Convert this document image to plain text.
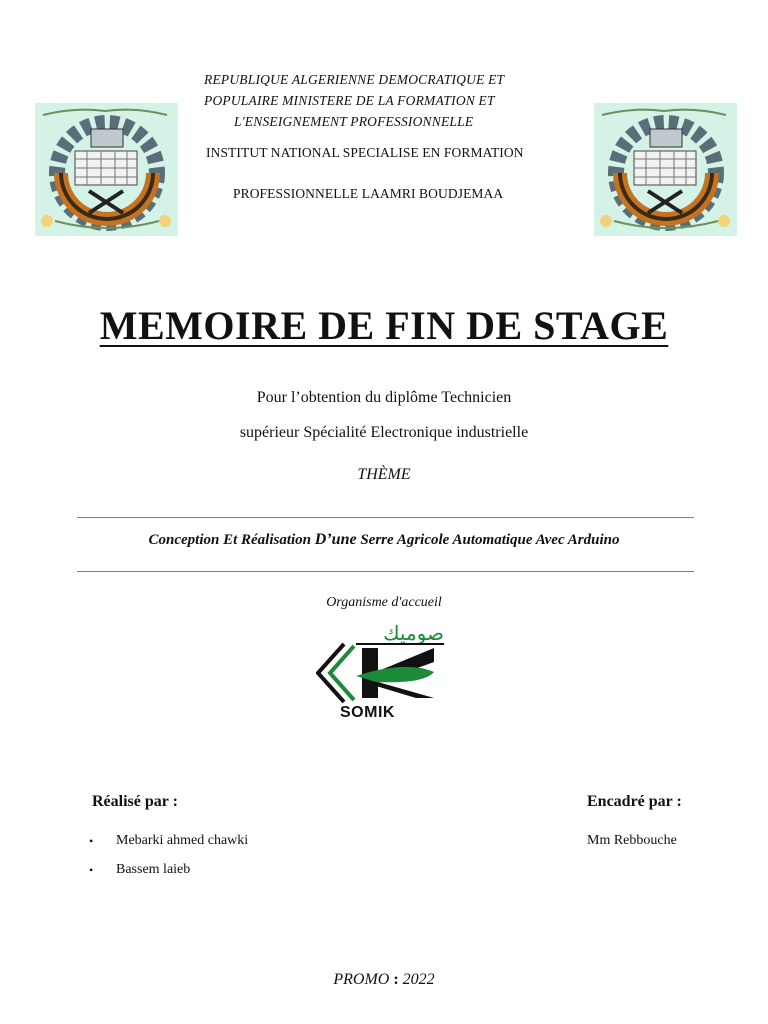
REPUBLIQUE ALGERIENNE DEMOCRATIQUE ET
POPULAIRE MINISTERE DE LA FORMATION ET
L'ENSEIGNEMENT PROFESSIONNELLE
INSTITUT NATIONAL SPECIALISE EN FORMATION
PROFESSIONNELLE LAAMRI BOUDJEMAA
MEMOIRE DE FIN DE STAGE
Pour l’obtention du diplôme Technicien
supérieur Spécialité Electronique industrielle
THÈME
Conception Et Réalisation D’une Serre Agricole Automatique Avec Arduino
Organisme d'accueil
صوميك
SOMIK
Réalisé par :
• Mebarki ahmed chawki
• Bassem laieb
Encadré par :
Mm Rebbouche
PROMO : 2022
